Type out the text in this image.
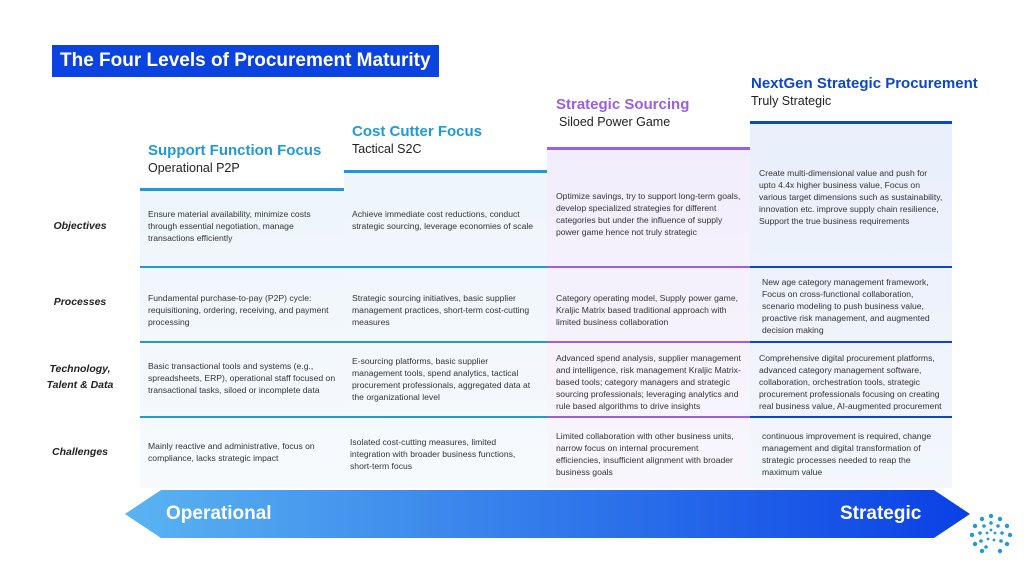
The Four Levels of Procurement Maturity
Support Function Focus
Operational P2P
Cost Cutter Focus
Tactical S2C
Strategic Sourcing
Siloed Power Game
NextGen Strategic Procurement
Truly Strategic
Objectives
Processes
Technology,
Talent & Data
Challenges
Ensure material availability, minimize costs through essential negotiation, manage transactions efficiently
Achieve immediate cost reductions, conduct strategic sourcing, leverage economies of scale
Optimize savings, try to support long-term goals, develop specialized strategies for different categories but under the influence of supply power game hence not truly strategic
Create multi-dimensional value and push for upto 4.4x higher business value, Focus on various target dimensions such as sustainability, innovation etc. improve supply chain resilience, Support the true business requirements
Fundamental purchase-to-pay (P2P) cycle: requisitioning, ordering, receiving, and payment processing
Strategic sourcing initiatives, basic supplier management practices, short-term cost-cutting measures
Category operating model, Supply power game, Kraljic Matrix based traditional approach with limited business collaboration
New age category management framework, Focus on cross-functional collaboration, scenario modeling to push business value, proactive risk management, and augmented decision making
Basic transactional tools and systems (e.g., spreadsheets, ERP), operational staff focused on transactional tasks, siloed or incomplete data
E-sourcing platforms, basic supplier management tools, spend analytics, tactical procurement professionals, aggregated data at the organizational level
Advanced spend analysis, supplier management and intelligence, risk management Kraljic Matrix-based tools; category managers and strategic sourcing professionals; leveraging analytics and rule based algorithms to drive insights
Comprehensive digital procurement platforms, advanced category management software, collaboration, orchestration tools, strategic procurement professionals focusing on creating real business value, AI-augmented procurement
Mainly reactive and administrative, focus on compliance, lacks strategic impact
Isolated cost-cutting measures, limited integration with broader business functions, short-term focus
Limited collaboration with other business units, narrow focus on internal procurement efficiencies, insufficient alignment with broader business goals
continuous improvement is required, change management and digital transformation of strategic processes needed to reap the maximum value
Operational	Strategic
